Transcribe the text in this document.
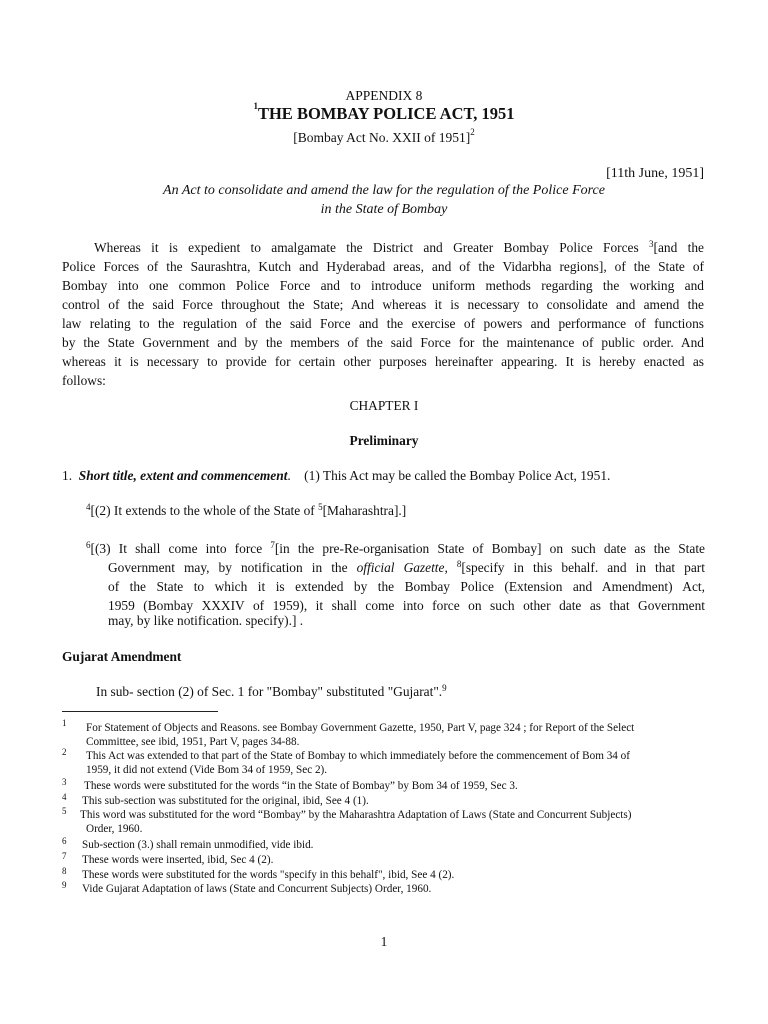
APPENDIX 8
$^1$THE BOMBAY POLICE ACT, 1951
[Bombay Act No. XXII of 1951]$^2$
[11th June, 1951]
An Act to consolidate and amend the law for the regulation of the Police Force
in the State of Bombay
Whereas it is expedient to amalgamate the District and Greater Bombay Police Forces $^3$[and the
Police Forces of the Saurashtra, Kutch and Hyderabad areas, and of the Vidarbha regions], of the State of
Bombay into one common Police Force and to introduce uniform methods regarding the working and
control of the said Force throughout the State; And whereas it is necessary to consolidate and amend the
law relating to the regulation of the said Force and the exercise of powers and performance of functions
by the State Government and by the members of the said Force for the maintenance of public order. And
whereas it is necessary to provide for certain other purposes hereinafter appearing. It is hereby enacted as
follows:
CHAPTER I
Preliminary
1. Short title, extent and commencement. (1) This Act may be called the Bombay Police Act, 1951.
$^4$[(2) It extends to the whole of the State of $^5$[Maharashtra].]
$^6$[(3) It shall come into force $^7$[in the pre-Re-organisation State of Bombay] on such date as the State
Government may, by notification in the official Gazette, $^8$[specify in this behalf. and in that part
of the State to which it is extended by the Bombay Police (Extension and Amendment) Act,
1959 (Bombay XXXIV of 1959), it shall come into force on such other date as that Government
may, by like notification. specify).] .
Gujarat Amendment
In sub- section (2) of Sec. 1 for "Bombay" substituted "Gujarat".$^9$
1 For Statement of Objects and Reasons. see Bombay Government Gazette, 1950, Part V, page 324 ; for Report of the Select
Committee, see ibid, 1951, Part V, pages 34-88.
2 This Act was extended to that part of the State of Bombay to which immediately before the commencement of Bom 34 of
1959, it did not extend (Vide Bom 34 of 1959, Sec 2).
3 These words were substituted for the words “in the State of Bombay” by Bom 34 of 1959, Sec 3.
4 This sub-section was substituted for the original, ibid, See 4 (1).
5 This word was substituted for the word “Bombay” by the Maharashtra Adaptation of Laws (State and Concurrent Subjects)
Order, 1960.
6 Sub-section (3.) shall remain unmodified, vide ibid.
7 These words were inserted, ibid, Sec 4 (2).
8 These words were substituted for the words "specify in this behalf", ibid, See 4 (2).
9 Vide Gujarat Adaptation of laws (State and Concurrent Subjects) Order, 1960.
1
